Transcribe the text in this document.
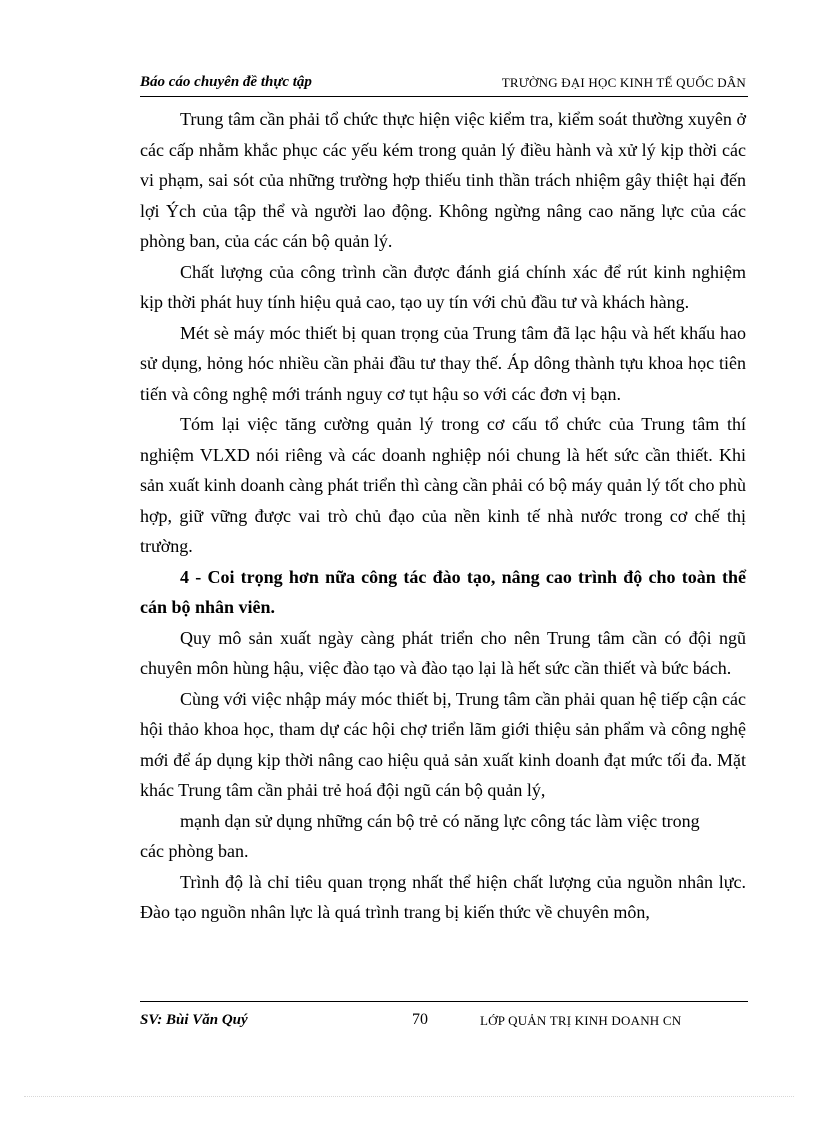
Báo cáo chuyên đề thực tập	TRƯỜNG ĐẠI HỌC KINH TẾ QUỐC DÂN

Trung tâm cần phải tổ chức thực hiện việc kiểm tra, kiểm soát thường xuyên ở các cấp nhằm khắc phục các yếu kém trong quản lý điều hành và xử lý kịp thời các vi phạm, sai sót của những trường hợp thiếu tinh thần trách nhiệm gây thiệt hại đến lợi Ých của tập thể và người lao động. Không ngừng nâng cao năng lực của các phòng ban, của các cán bộ quản lý.

Chất lượng của công trình cần được đánh giá chính xác để rút kinh nghiệm kịp thời phát huy tính hiệu quả cao, tạo uy tín với chủ đầu tư và khách hàng.

Mét sè máy móc thiết bị quan trọng của Trung tâm đã lạc hậu và hết khấu hao sử dụng, hỏng hóc nhiều cần phải đầu tư thay thế. Áp dông thành tựu khoa học tiên tiến và công nghệ mới tránh nguy cơ tụt hậu so với các đơn vị bạn.

Tóm lại việc tăng cường quản lý trong cơ cấu tổ chức của Trung tâm thí nghiệm VLXD nói riêng và các doanh nghiệp nói chung là hết sức cần thiết. Khi sản xuất kinh doanh càng phát triển thì càng cần phải có bộ máy quản lý tốt cho phù hợp, giữ vững được vai trò chủ đạo của nền kinh tế nhà nước trong cơ chế thị trường.

4 - Coi trọng hơn nữa công tác đào tạo, nâng cao trình độ cho toàn thể cán bộ nhân viên.

Quy mô sản xuất ngày càng phát triển cho nên Trung tâm cần có đội ngũ chuyên môn hùng hậu, việc đào tạo và đào tạo lại là hết sức cần thiết và bức bách.

Cùng với việc nhập máy móc thiết bị, Trung tâm cần phải quan hệ tiếp cận các hội thảo khoa học, tham dự các hội chợ triển lãm giới thiệu sản phẩm và công nghệ mới để áp dụng kịp thời nâng cao hiệu quả sản xuất kinh doanh đạt mức tối đa. Mặt khác Trung tâm cần phải trẻ hoá đội ngũ cán bộ quản lý,

mạnh dạn sử dụng những cán bộ trẻ có năng lực công tác làm việc trong
các phòng ban.

Trình độ là chỉ tiêu quan trọng nhất thể hiện chất lượng của nguồn nhân lực. Đào tạo nguồn nhân lực là quá trình trang bị kiến thức về chuyên môn,

SV: Bùi Văn Quý	70	LỚP QUẢN TRỊ KINH DOANH CN
